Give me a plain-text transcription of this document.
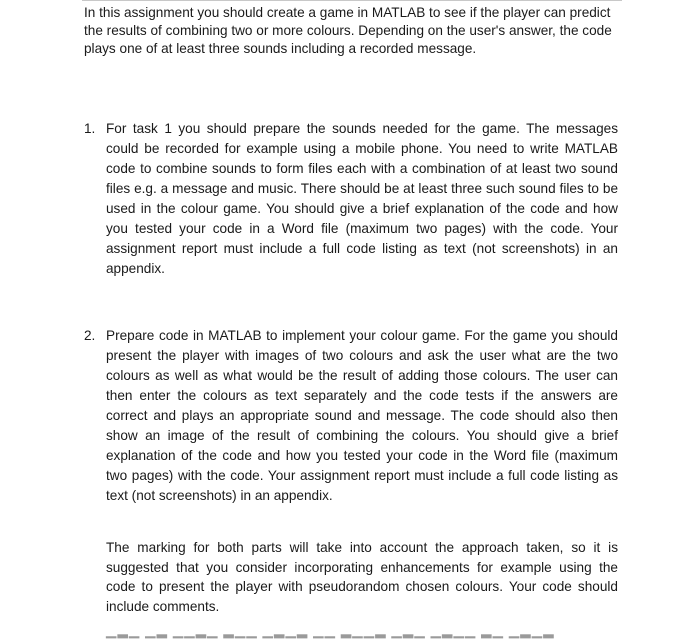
In this assignment you should create a game in MATLAB to see if the player can predict the results of combining two or more colours. Depending on the user's answer, the code plays one of at least three sounds including a recorded message.

1. For task 1 you should prepare the sounds needed for the game. The messages could be recorded for example using a mobile phone. You need to write MATLAB code to combine sounds to form files each with a combination of at least two sound files e.g. a message and music. There should be at least three such sound files to be used in the colour game. You should give a brief explanation of the code and how you tested your code in a Word file (maximum two pages) with the code. Your assignment report must include a full code listing as text (not screenshots) in an appendix.

2. Prepare code in MATLAB to implement your colour game. For the game you should present the player with images of two colours and ask the user what are the two colours as well as what would be the result of adding those colours. The user can then enter the colours as text separately and the code tests if the answers are correct and plays an appropriate sound and message. The code should also then show an image of the result of combining the colours. You should give a brief explanation of the code and how you tested your code in the Word file (maximum two pages) with the code. Your assignment report must include a full code listing as text (not screenshots) in an appendix.

The marking for both parts will take into account the approach taken, so it is suggested that you consider incorporating enhancements for example using the code to present the player with pseudorandom chosen colours. Your code should include comments.

▁▂▁ ▁▂ ▁▁▂▁ ▂▁▁ ▁▂▁▂ ▁▁ ▂▁▁▂ ▁▂▁ ▁▂▁▁ ▂▁ ▁▂▁▂
